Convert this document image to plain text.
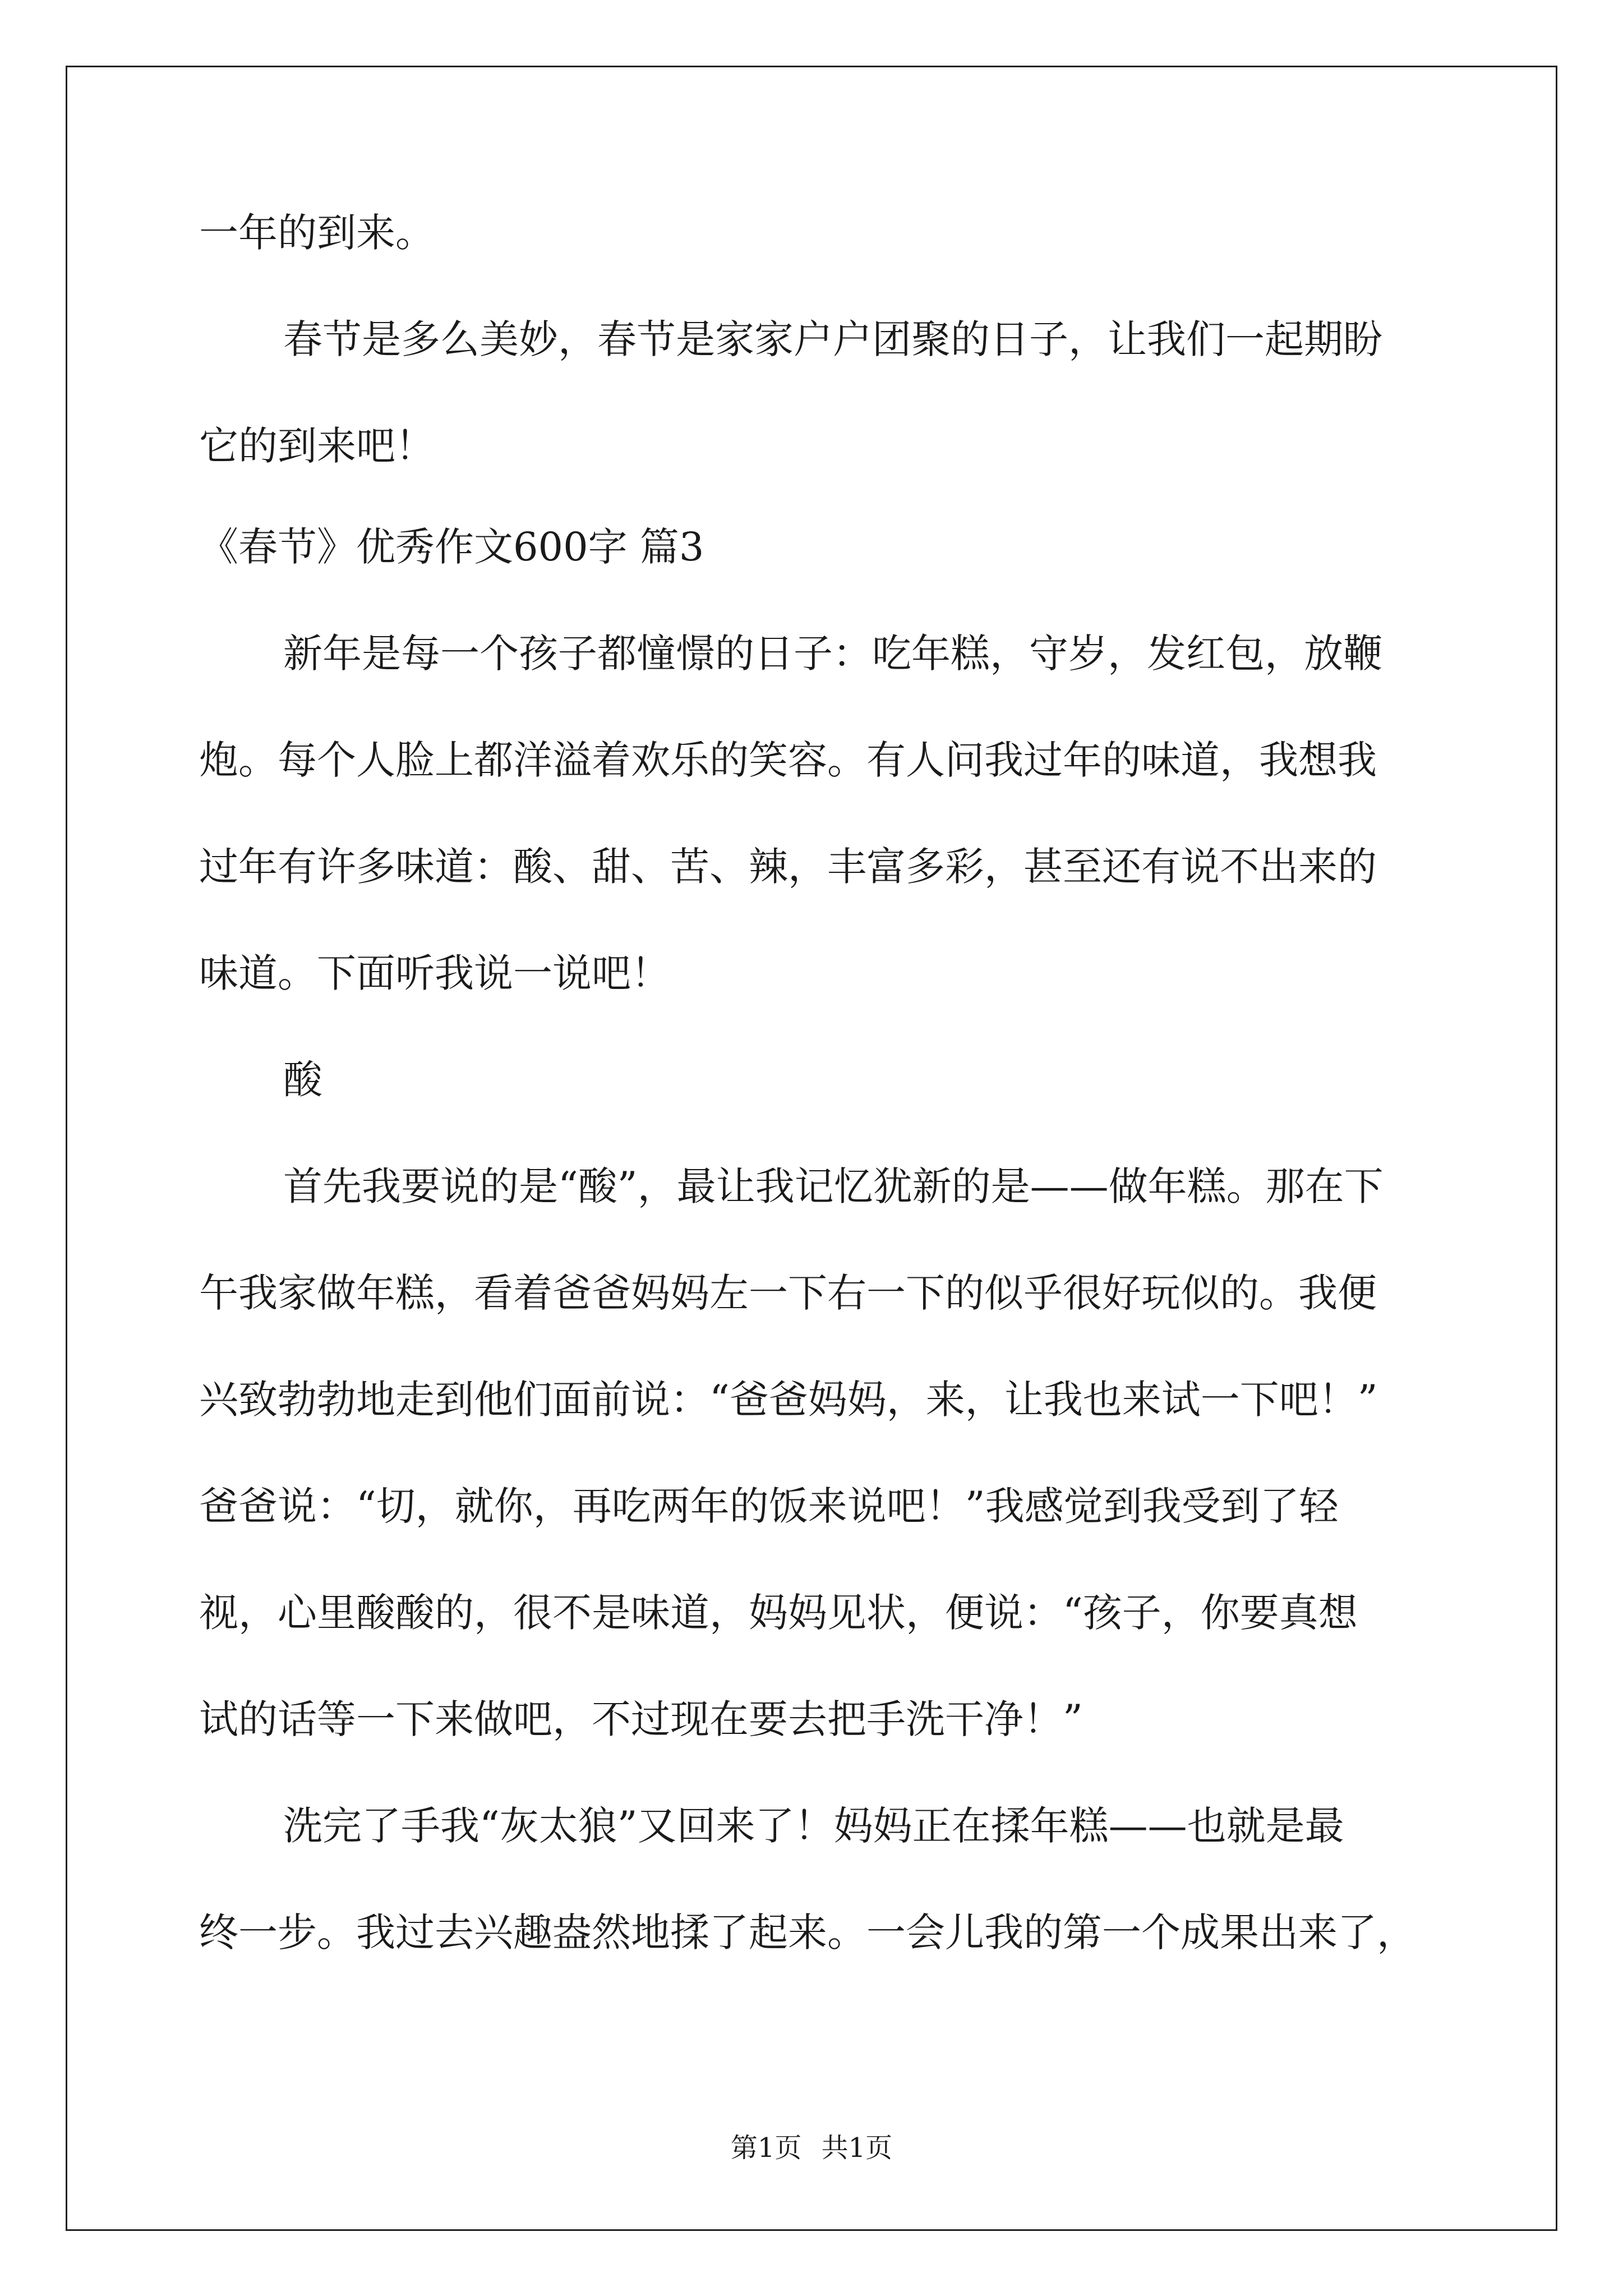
一年的到来。
春节是多么美妙，春节是家家户户团聚的日子，让我们一起期盼
它的到来吧！
《春节》优秀作文600字 篇3
新年是每一个孩子都憧憬的日子：吃年糕，守岁，发红包，放鞭
炮。每个人脸上都洋溢着欢乐的笑容。有人问我过年的味道，我想我
过年有许多味道：酸、甜、苦、辣，丰富多彩，甚至还有说不出来的
味道。下面听我说一说吧！
酸
首先我要说的是“酸”，最让我记忆犹新的是——做年糕。那在下
午我家做年糕，看着爸爸妈妈左一下右一下的似乎很好玩似的。我便
兴致勃勃地走到他们面前说：“爸爸妈妈，来，让我也来试一下吧！”
爸爸说：“切，就你，再吃两年的饭来说吧！”我感觉到我受到了轻
视，心里酸酸的，很不是味道，妈妈见状，便说：“孩子，你要真想
试的话等一下来做吧，不过现在要去把手洗干净！”
洗完了手我“灰太狼”又回来了！妈妈正在揉年糕——也就是最
终一步。我过去兴趣盎然地揉了起来。一会儿我的第一个成果出来了，
第1页 共1页
